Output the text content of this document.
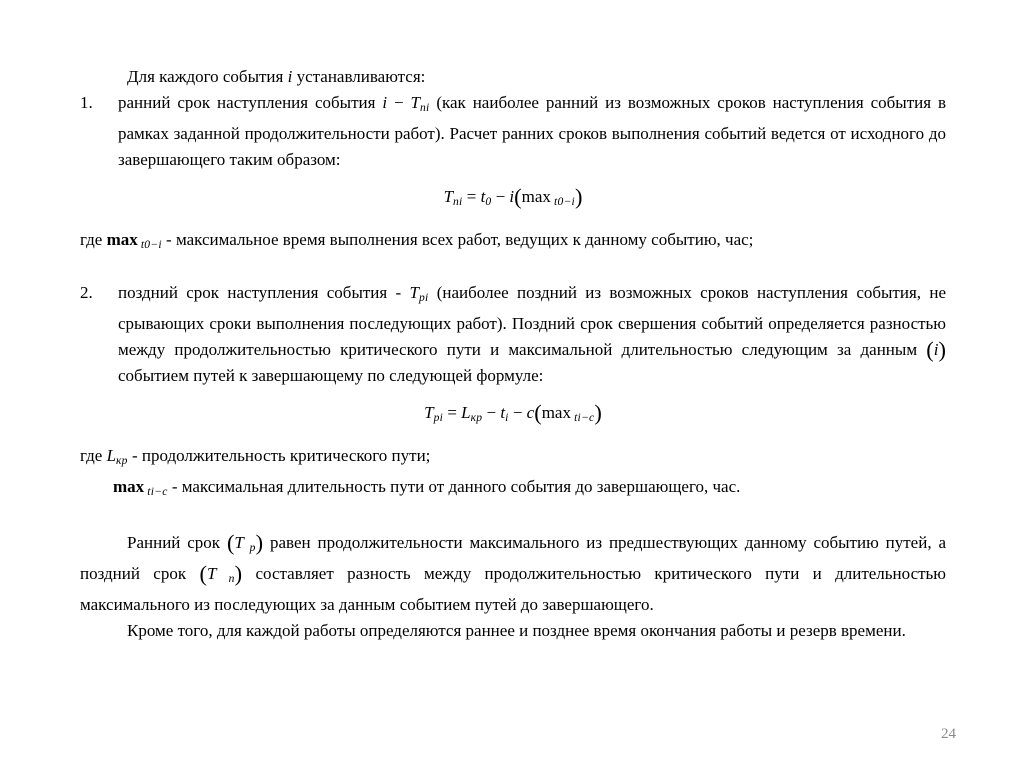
Для каждого события i устанавливаются:
1. ранний срок наступления события i − Tni (как наиболее ранний из возможных сроков наступления события в рамках заданной продолжительности работ). Расчет ранних сроков выполнения событий ведется от исходного до завершающего таким образом:
Tni = t0 − i(max t0−i)
где max t0−i - максимальное время выполнения всех работ, ведущих к данному событию, час;
2. поздний срок наступления события - Tpi (наиболее поздний из возможных сроков наступления события, не срывающих сроки выполнения последующих работ). Поздний срок свершения событий определяется разностью между продолжительностью критического пути и максимальной длительностью следующим за данным (i) событием путей к завершающему по следующей формуле:
Tpi = Lкр − ti − c(max ti−c)
где Lкр - продолжительность критического пути;
max ti−c - максимальная длительность пути от данного события до завершающего, час.
Ранний срок (T p) равен продолжительности максимального из предшествующих данному событию путей, а поздний срок (T n) составляет разность между продолжительностью критического пути и длительностью максимального из последующих за данным событием путей до завершающего.
Кроме того, для каждой работы определяются раннее и позднее время окончания работы и резерв времени.
24
